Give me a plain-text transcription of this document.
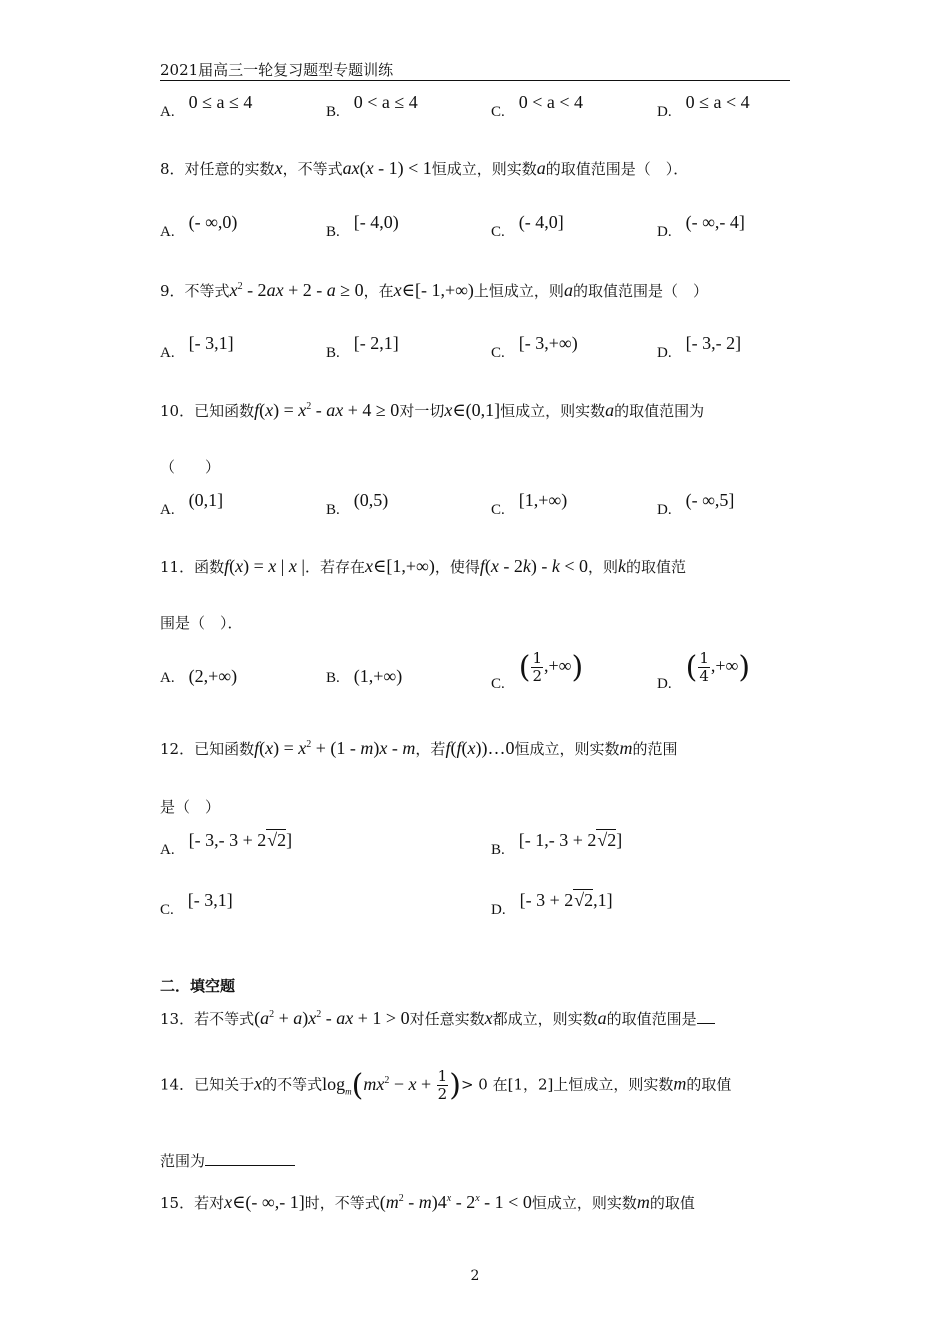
2021届高三一轮复习题型专题训练
A. 0 ≤ a ≤ 4	B. 0 < a ≤ 4	C. 0 < a < 4	D. 0 ≤ a < 4
8．对任意的实数x，不等式ax(x - 1) < 1恒成立，则实数a的取值范围是（　）．
A. (- ∞,0)	B. [- 4,0)	C. (- 4,0]	D. (- ∞,- 4]
9．不等式$x^2 - 2ax + 2 - a \ge 0$，在x∈[- 1,+∞)上恒成立，则a的取值范围是（　）
A. [- 3,1]	B. [- 2,1]	C. [- 3,+∞)	D. [- 3,- 2]
10．已知函数$f(x) = x^2$ - ax + 4 ≥ 0对一切x∈(0,1]恒成立，则实数a的取值范围为
（　　）
A. (0,1]	B. (0,5)	C. [1,+∞)	D. (- ∞,5]
11．函数f(x) = x | x |．若存在x∈[1,+∞)，使得f(x - 2k) - k < 0，则k的取值范
围是（　）．
A. (2,+∞)	B. (1,+∞)	C. ( $\frac{1}{2}$ ,+∞)	D. ( $\frac{1}{4}$ ,+∞)
12．已知函数$f(x) = x^2 + (1 - m)x - m$，若f(f(x))…0恒成立，则实数m的范围
是（　）
A. [- 3,- 3 + 2√2]	B. [- 1,- 3 + 2√2]
C. [- 3,1]	D. [- 3 + 2√2,1]
二．填空题
13．若不等式$(a^2 + a)x^2$ - ax + 1 > 0对任意实数x都成立，则实数a的取值范围是
14．已知关于x的不等式$\log_m(mx^2 - x + \frac{1}{2}$ )> 0 在[1，2]上恒成立，则实数m的取值
范围为
15．若对x∈(- ∞,- 1]时，不等式$(m^2 - m)4^x - 2^x - 1 < 0$恒成立，则实数m的取值
2
